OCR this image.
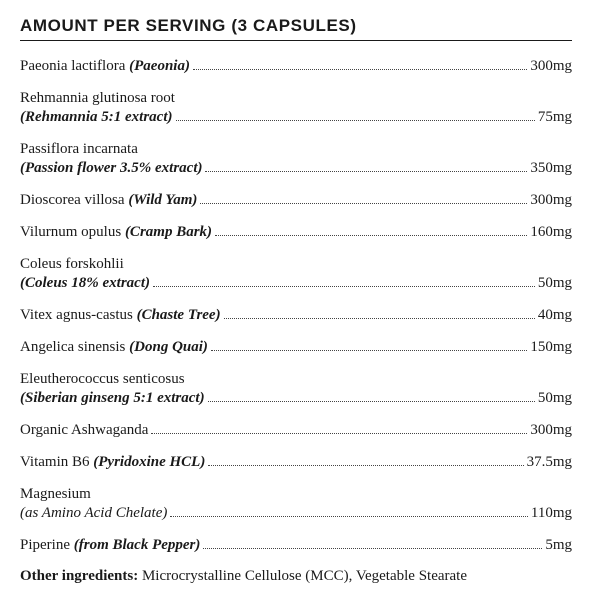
AMOUNT PER SERVING (3 CAPSULES)
Paeonia lactiflora
(Paeonia)	300mg
Rehmannia glutinosa root
(Rehmannia 5:1 extract)	75mg
Passiflora incarnata
(Passion flower 3.5% extract)	350mg
Dioscorea villosa
(Wild Yam)	300mg
Vilurnum opulus
(Cramp Bark)	160mg
Coleus forskohlii
(Coleus 18% extract)	50mg
Vitex agnus-castus
(Chaste Tree)	40mg
Angelica sinensis
(Dong Quai)	150mg
Eleutherococcus senticosus
(Siberian ginseng 5:1 extract)	50mg
Organic Ashwaganda	300mg
Vitamin B6
(Pyridoxine HCL)	37.5mg
Magnesium
(as Amino Acid Chelate)	110mg
Piperine
(from Black Pepper)	5mg
Other ingredients: Microcrystalline Cellulose (MCC), Vegetable Stearate
